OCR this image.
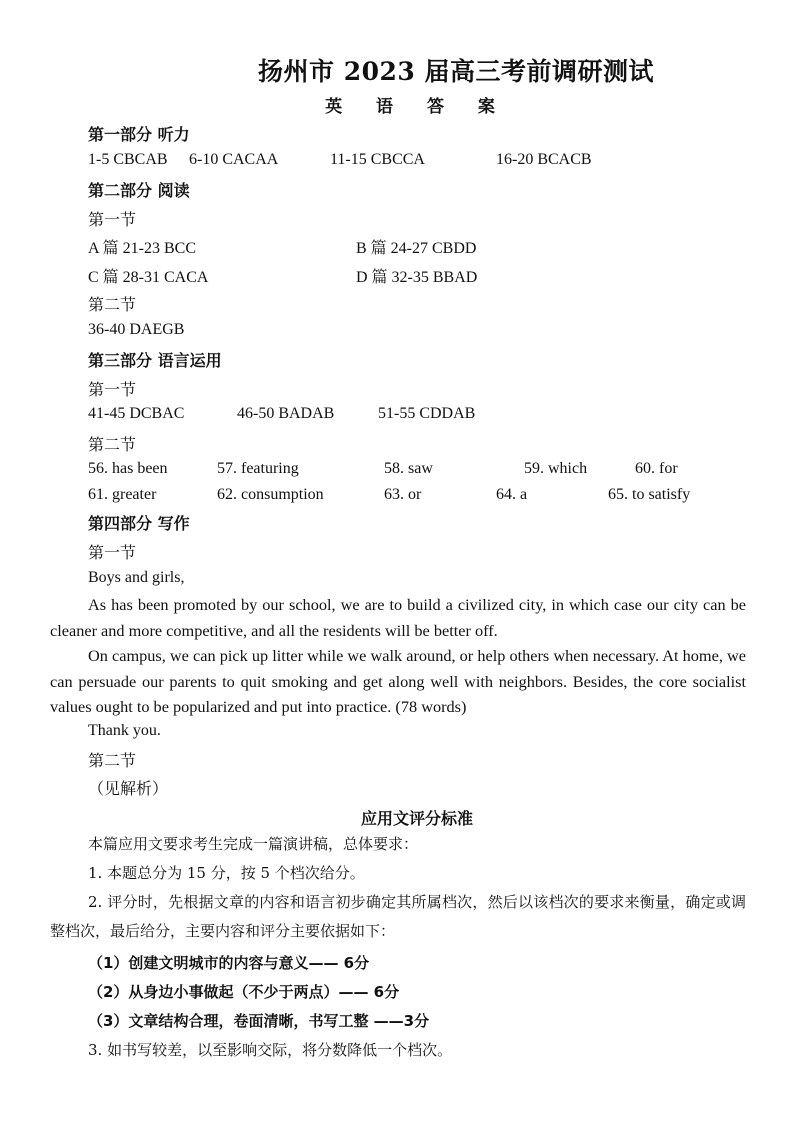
扬州市 2023 届高三考前调研测试
英 语 答 案
第一部分 听力
1-5 CBCAB 6-10 CACAA	11-15 CBCCA	16-20 BCACB
第二部分 阅读
第一节
A 篇 21-23 BCC	B 篇 24-27 CBDD
C 篇 28-31 CACA	D 篇 32-35 BBAD
第二节
36-40 DAEGB
第三部分 语言运用
第一节
41-45 DCBAC	46-50 BADAB	51-55 CDDAB
第二节
56. has been	57. featuring	58. saw	59. which	60. for
61. greater	62. consumption	63. or	64. a	65. to satisfy
第四部分 写作
第一节
Boys and girls,
As has been promoted by our school, we are to build a civilized city, in which case our city can be cleaner and more competitive, and all the residents will be better off.
On campus, we can pick up litter while we walk around, or help others when necessary. At home, we can persuade our parents to quit smoking and get along well with neighbors. Besides, the core socialist values ought to be popularized and put into practice. (78 words)
Thank you.
第二节
（见解析）
应用文评分标准
本篇应用文要求考生完成一篇演讲稿，总体要求：
1. 本题总分为 15 分，按 5 个档次给分。
2. 评分时，先根据文章的内容和语言初步确定其所属档次，然后以该档次的要求来衡量，确定或调整档次，最后给分，主要内容和评分主要依据如下：
（1）创建文明城市的内容与意义—— 6分
（2）从身边小事做起（不少于两点）—— 6分
（3）文章结构合理，卷面清晰，书写工整 ——3分
3. 如书写较差，以至影响交际，将分数降低一个档次。
